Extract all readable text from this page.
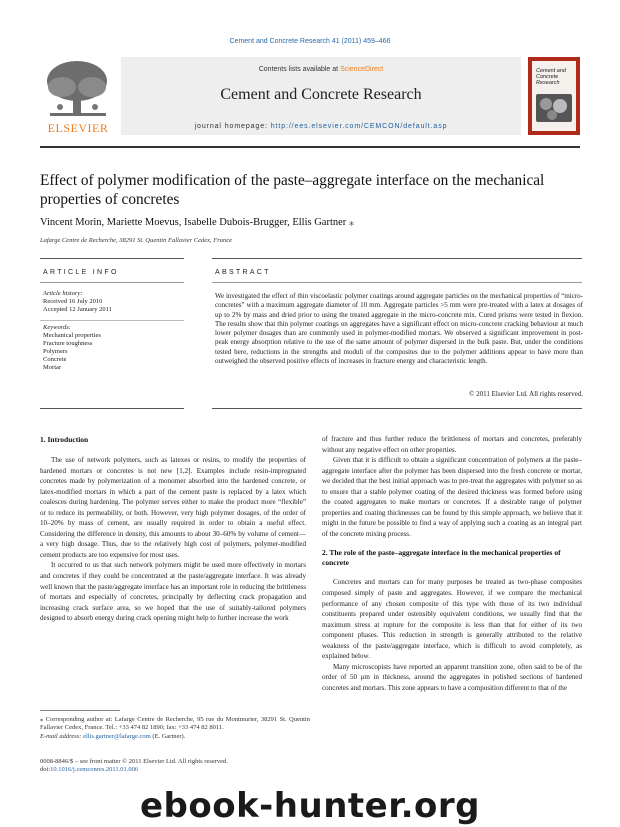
Cement and Concrete Research 41 (2011) 459–466
ELSEVIER
Contents lists available at ScienceDirect
Cement and Concrete Research
journal homepage: http://ees.elsevier.com/CEMCON/default.asp
Cement and Concrete Research
Effect of polymer modification of the paste–aggregate interface on the mechanical properties of concretes
Vincent Morin, Mariette Moevus, Isabelle Dubois-Brugger, Ellis Gartner ⁎
Lafarge Centre de Recherche, 38291 St. Quentin Fallavier Cedex, France
ARTICLE INFO
Article history:
Received 16 July 2010
Accepted 12 January 2011
Keywords:
Mechanical properties
Fracture toughness
Polymers
Concrete
Mortar
ABSTRACT
We investigated the effect of thin viscoelastic polymer coatings around aggregate particles on the mechanical properties of “micro-concretes” with a maximum aggregate diameter of 10 mm. Aggregate particles >5 mm were pre-treated with a latex at dosages of up to 2% by mass and dried prior to using the treated aggregate in the micro-concrete mix. Cured prisms were tested in flexion. The results show that thin polymer coatings on aggregates have a significant effect on micro-concrete cracking behaviour at much lower polymer dosages than are commonly used in polymer-modified mortars. We observed a significant improvement in post-peak energy absorption relative to the use of the same amount of polymer dispersed in the bulk paste. But, under the conditions tested here, reductions in the strengths and moduli of the composites due to the polymer additions appear to have more than outweighed the observed positive effects of increases in fracture energy and characteristic length.
© 2011 Elsevier Ltd. All rights reserved.
1. Introduction

The use of network polymers, such as latexes or resins, to modify the properties of hardened mortars or concretes is not new [1,2]. Examples include resin-impregnated concretes made by polymerization of a monomer absorbed into the hardened concrete, or latex-modified mortars in which a part of the cement paste is replaced by a latex which coalesces during hardening. The polymer serves either to make the product more “flexible” or to reduce its permeability, or both. However, very high polymer dosages, of the order of 10–20% by mass of cement, are usually required in order to obtain a useful effect. Considering the difference in density, this amounts to about 30–60% by volume of cement—a very high dosage. Thus, due to the relatively high cost of polymers, polymer-modified cement products are too expensive for most uses.

It occurred to us that such network polymers might be used more effectively in mortars and concretes if they could be concentrated at the paste/aggregate interface. It was already well known that the paste/aggregate interface has an important role in reducing the brittleness of mortars and especially of concretes, principally by deflecting crack propagation and increasing crack surface area, so we hoped that the use of suitably-tailored polymers designed to absorb energy during crack opening might help to further increase the work

⁎ Corresponding author at: Lafarge Centre de Recherche, 95 rue du Montmurier, 38291 St. Quentin Fallavier Cedex, France. Tel.: +33 474 82 1890; fax: +33 474 82 8011.
E-mail address: ellis.gartner@lafarge.com (E. Gartner).
0008-8846/$ – see front matter © 2011 Elsevier Ltd. All rights reserved.
doi:10.1016/j.cemconres.2011.01.006

of fracture and thus further reduce the brittleness of mortars and concretes, preferably without any negative effect on other properties.

Given that it is difficult to obtain a significant concentration of polymers at the paste–aggregate interface after the polymer has been dispersed into the fresh concrete or mortar, we decided that the best initial approach was to pre-treat the aggregates with polymer so as to ensure that a stable polymer coating of the desired thickness was formed before using the coated aggregates to make mortars or concretes. If a desirable range of polymer properties and coating thicknesses can be found by this simple approach, we believe that it might in the future be possible to find a way of applying such a coating as an integral part of the concrete mixing process.

2. The role of the paste–aggregate interface in the mechanical properties of concrete

Concretes and mortars can for many purposes be treated as two-phase composites composed simply of paste and aggregates. However, if we compare the mechanical performance of any chosen composite of this type with those of its two individual constituents prepared under ostensibly equivalent conditions, we usually find that the maximum stress at rupture for the composite is less than that for either of its two component phases. This reduction in strength is generally attributed to the relative weakness of the paste/aggregate interface, which is difficult to avoid completely, as explained below.

Many microscopists have reported an apparent transition zone, often said to be of the order of 50 μm in thickness, around the aggregates in polished sections of hardened concretes and mortars. This zone appears to have a composition different to that of the

ebook-hunter.org
